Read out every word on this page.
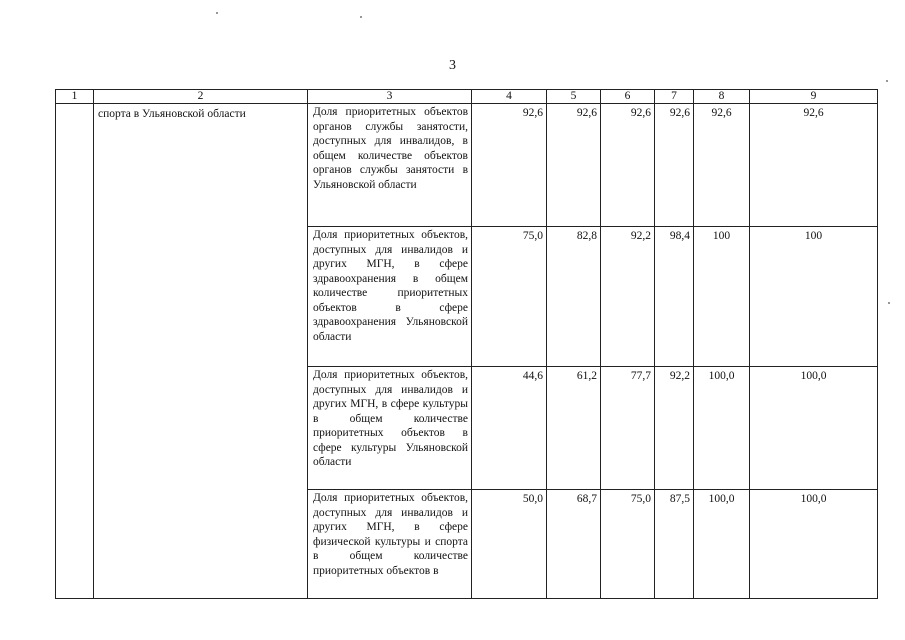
3
1	2	3	4	5	6	7	8	9
	спорта в Ульяновской области	Доля приоритетных объектов органов службы занятости, доступных для инвалидов, в общем количестве объектов органов службы занятости в Ульяновской области	92,6	92,6	92,6	92,6	92,6	92,6
		Доля приоритетных объектов, доступных для инвалидов и других МГН, в сфере здравоохранения в общем количестве приоритетных объектов в сфере здравоохранения Ульяновской области	75,0	82,8	92,2	98,4	100	100
		Доля приоритетных объектов, доступных для инвалидов и других МГН, в сфере культуры в общем количестве приоритетных объектов в сфере культуры Ульяновской области	44,6	61,2	77,7	92,2	100,0	100,0
		Доля приоритетных объектов, доступных для инвалидов и других МГН, в сфере физической культуры и спорта в общем количестве приоритетных объектов в	50,0	68,7	75,0	87,5	100,0	100,0
